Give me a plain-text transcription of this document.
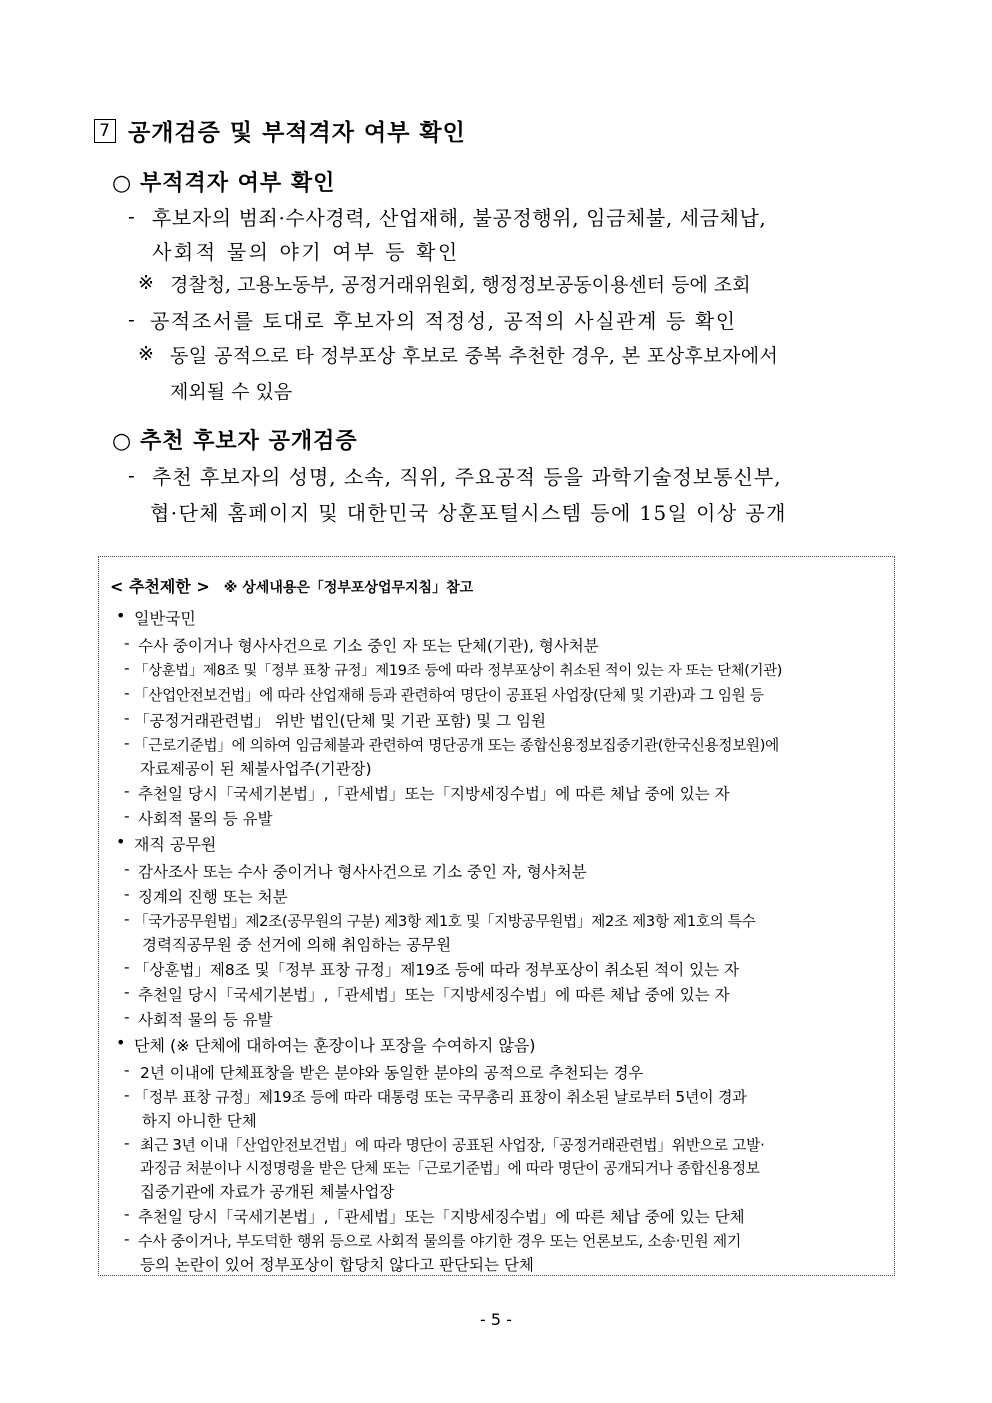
7 공개검증 및 부적격자 여부 확인
○ 부적격자 여부 확인
- 후보자의 범죄·수사경력, 산업재해, 불공정행위, 임금체불, 세금체납,
사회적 물의 야기 여부 등 확인
※ 경찰청, 고용노동부, 공정거래위원회, 행정정보공동이용센터 등에 조회
- 공적조서를 토대로 후보자의 적정성, 공적의 사실관계 등 확인
※ 동일 공적으로 타 정부포상 후보로 중복 추천한 경우, 본 포상후보자에서
제외될 수 있음
○ 추천 후보자 공개검증
- 추천 후보자의 성명, 소속, 직위, 주요공적 등을 과학기술정보통신부,
협·단체 홈페이지 및 대한민국 상훈포털시스템 등에 15일 이상 공개
< 추천제한 > ※ 상세내용은「정부포상업무지침」참고
• 일반국민
- 수사 중이거나 형사사건으로 기소 중인 자 또는 단체(기관), 형사처분
- 「상훈법」제8조 및「정부 표창 규정」제19조 등에 따라 정부포상이 취소된 적이 있는 자 또는 단체(기관)
- 「산업안전보건법」에 따라 산업재해 등과 관련하여 명단이 공표된 사업장(단체 및 기관)과 그 임원 등
- 「공정거래관련법」 위반 법인(단체 및 기관 포함) 및 그 임원
- 「근로기준법」에 의하여 임금체불과 관련하여 명단공개 또는 종합신용정보집중기관(한국신용정보원)에
자료제공이 된 체불사업주(기관장)
- 추천일 당시「국세기본법」,「관세법」또는「지방세징수법」에 따른 체납 중에 있는 자
- 사회적 물의 등 유발
• 재직 공무원
- 감사조사 또는 수사 중이거나 형사사건으로 기소 중인 자, 형사처분
- 징계의 진행 또는 처분
- 「국가공무원법」제2조(공무원의 구분) 제3항 제1호 및「지방공무원법」제2조 제3항 제1호의 특수
경력직공무원 중 선거에 의해 취임하는 공무원
- 「상훈법」제8조 및「정부 표창 규정」제19조 등에 따라 정부포상이 취소된 적이 있는 자
- 추천일 당시「국세기본법」,「관세법」또는「지방세징수법」에 따른 체납 중에 있는 자
- 사회적 물의 등 유발
• 단체 (※ 단체에 대하여는 훈장이나 포장을 수여하지 않음)
- 2년 이내에 단체표창을 받은 분야와 동일한 분야의 공적으로 추천되는 경우
- 「정부 표창 규정」제19조 등에 따라 대통령 또는 국무총리 표창이 취소된 날로부터 5년이 경과
하지 아니한 단체
- 최근 3년 이내「산업안전보건법」에 따라 명단이 공표된 사업장,「공정거래관련법」위반으로 고발·
과징금 처분이나 시정명령을 받은 단체 또는「근로기준법」에 따라 명단이 공개되거나 종합신용정보
집중기관에 자료가 공개된 체불사업장
- 추천일 당시「국세기본법」,「관세법」또는「지방세징수법」에 따른 체납 중에 있는 단체
- 수사 중이거나, 부도덕한 행위 등으로 사회적 물의를 야기한 경우 또는 언론보도, 소송·민원 제기
등의 논란이 있어 정부포상이 합당치 않다고 판단되는 단체
- 5 -
